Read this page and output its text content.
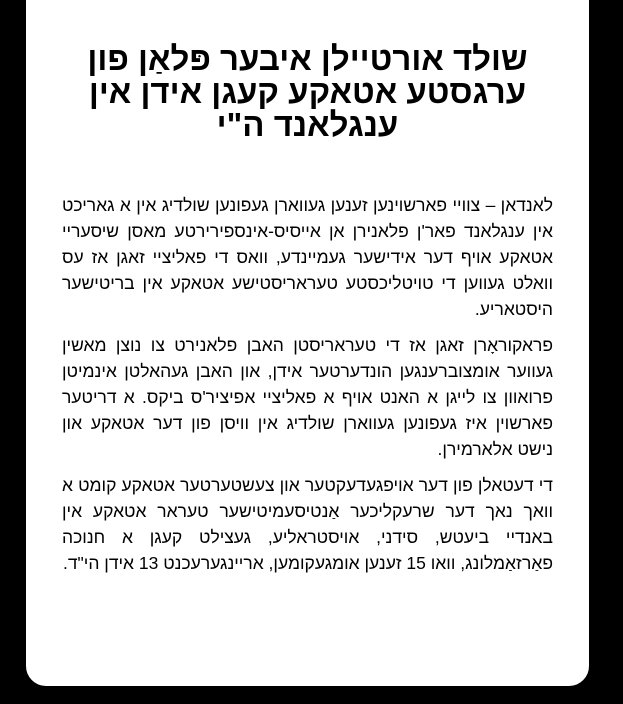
שולד אורטיילן איבער פּלאַן פון ערגסטע אטאקע קעגן אידן אין ענגלאנד ה"י

לאנדאן – צוויי פארשוינען זענען געווארן געפונען שולדיג אין א גאריכט אין ענגלאנד פאר'ן פלאנירן אן אייסיס-אינספירירטע מאסן שיסעריי אטאקע אויף דער אידישער געמיינדע, וואס די פאליציי זאגן אז עס וואלט געווען די טויטליכסטע טעראריסטישע אטאקע אין בריטישער היסטאריע.

פראקוראָרן זאגן אז די טעראריסטן האבן פלאנירט צו נוצן מאשין געווער אומצוברענגען הונדערטער אידן, און האבן געהאלטן אינמיטן פרואוון צו לייגן א האנט אויף א פאליציי אפיציר'ס ביקס. א דריטער פארשוין איז געפונען געווארן שולדיג אין וויסן פון דער אטאקע און נישט אלארמירן.

די דעטאלן פון דער אויפגעדעקטער און צעשטערטער אטאקע קומט א וואך נאך דער שרעקליכער אַנטיסעמיטישער טעראר אטאקע אין באנדיי ביעטש, סידני, אויסטראליע, געצילט קעגן א חנוכה פאַרזאַמלונג, וואו 15 זענען אומגעקומען, אריינגערעכנט 13 אידן הי"ד.
